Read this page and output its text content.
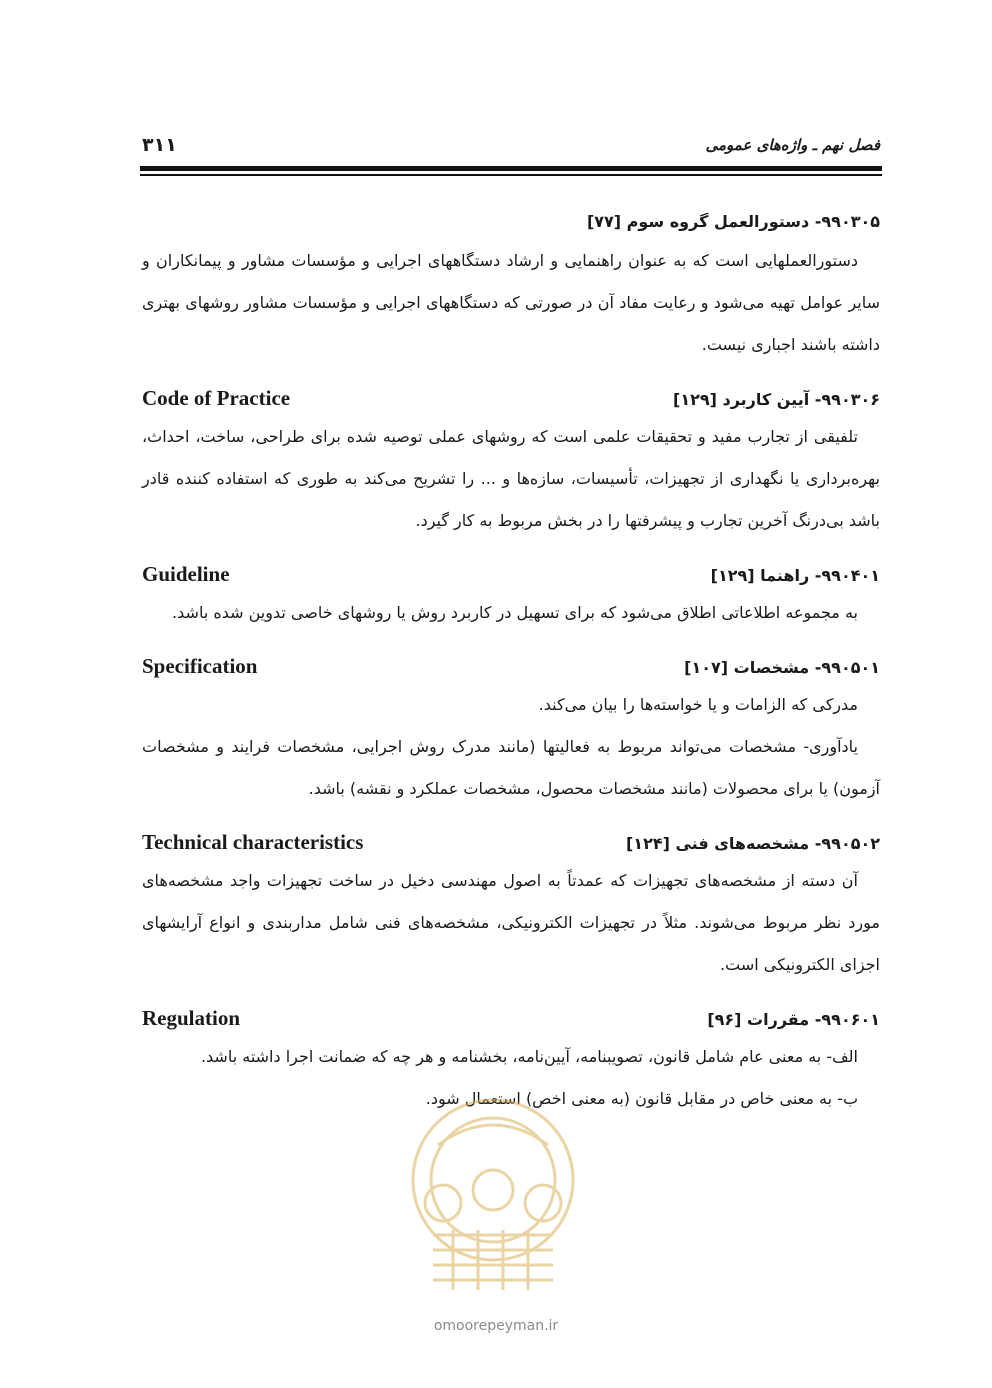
۳۱۱	فصل نهم ـ واژه‌های عمومی
۹۹۰۳۰۵- دستورالعمل گروه سوم [۷۷]

دستورالعملهایی است که به عنوان راهنمایی و ارشاد دستگاههای اجرایی و مؤسسات مشاور و پیمانکاران و سایر عوامل تهیه می‌شود و رعایت مفاد آن در صورتی که دستگاههای اجرایی و مؤسسات مشاور روشهای بهتری داشته باشند اجباری نیست.

Code of Practice	۹۹۰۳۰۶- آیین کاربرد [۱۲۹]

تلفیقی از تجارب مفید و تحقیقات علمی است که روشهای عملی توصیه شده برای طراحی، ساخت، احداث، بهره‌برداری یا نگهداری از تجهیزات، تأسیسات، سازه‌ها و ... را تشریح می‌کند به طوری که استفاده کننده قادر باشد بی‌درنگ آخرین تجارب و پیشرفتها را در بخش مربوط به کار گیرد.

Guideline	۹۹۰۴۰۱- راهنما [۱۲۹]

به مجموعه اطلاعاتی اطلاق می‌شود که برای تسهیل در کاربرد روش یا روشهای خاصی تدوین شده باشد.

Specification	۹۹۰۵۰۱- مشخصات [۱۰۷]

مدرکی که الزامات و یا خواسته‌ها را بیان می‌کند.

یادآوری- مشخصات می‌تواند مربوط به فعالیتها (مانند مدرک روش اجرایی، مشخصات فرایند و مشخصات آزمون) یا برای محصولات (مانند مشخصات محصول، مشخصات عملکرد و نقشه) باشد.

Technical characteristics	۹۹۰۵۰۲- مشخصه‌های فنی [۱۲۴]

آن دسته از مشخصه‌های تجهیزات که عمدتاً به اصول مهندسی دخیل در ساخت تجهیزات واجد مشخصه‌های مورد نظر مربوط می‌شوند. مثلاً در تجهیزات الکترونیکی، مشخصه‌های فنی شامل مداربندی و انواع آرایشهای اجزای الکترونیکی است.

Regulation	۹۹۰۶۰۱- مقررات [۹۶]

الف- به معنی عام شامل قانون، تصویبنامه، آیین‌نامه، بخشنامه و هر چه که ضمانت اجرا داشته باشد.

ب- به معنی خاص در مقابل قانون (به معنی اخص) استعمال شود.

omoorepeyman.ir
